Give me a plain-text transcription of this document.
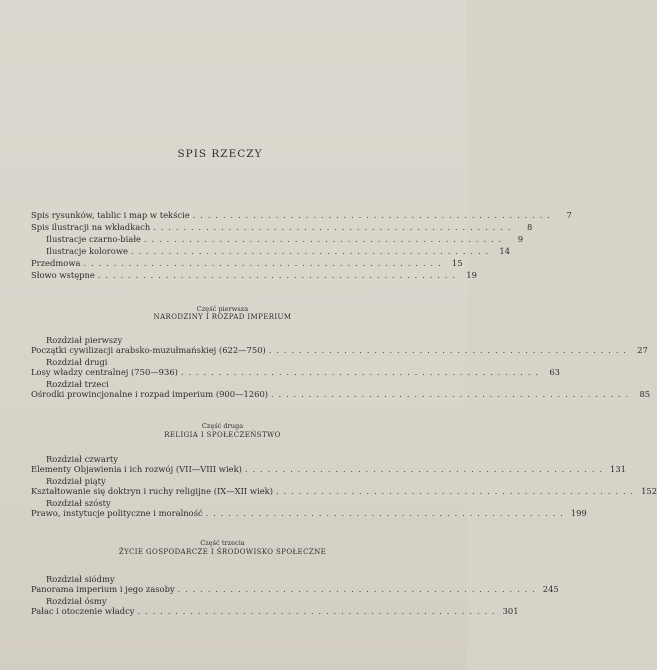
SPIS RZECZY
Spis rysunków, tablic i map w tekście ................................................	7
Spis ilustracji na wkładkach ................................................	8
Ilustracje czarno-białe ................................................	9
Ilustracje kolorowe ................................................ 14
Przedmowa ................................................ 15
Słowo wstępne ................................................ 19
Część pierwsza
NARODZINY I ROZPAD IMPERIUM
Rozdział pierwszy
Początki cywilizacji arabsko-muzułmańskiej (622—750) ................................................ 27
Rozdział drugi
Losy władzy centralnej (750—936) ................................................ 63
Rozdział trzeci
Ośrodki prowincjonalne i rozpad imperium (900—1260) ................................................ 85
Część druga
RELIGIA I SPOŁECZEŃSTWO
Rozdział czwarty
Elementy Objawienia i ich rozwój (VII—VIII wiek) ................................................ 131
Rozdział piąty
Kształtowanie się doktryn i ruchy religijne (IX—XII wiek) ................................................ 152
Rozdział szósty
Prawo, instytucje polityczne i moralność ................................................ 199
Część trzecia
ŻYCIE GOSPODARCZE I ŚRODOWISKO SPOŁECZNE
Rozdział siódmy
Panorama imperium i jego zasoby ................................................ 245
Rozdział ósmy
Pałac i otoczenie władcy ................................................ 301
